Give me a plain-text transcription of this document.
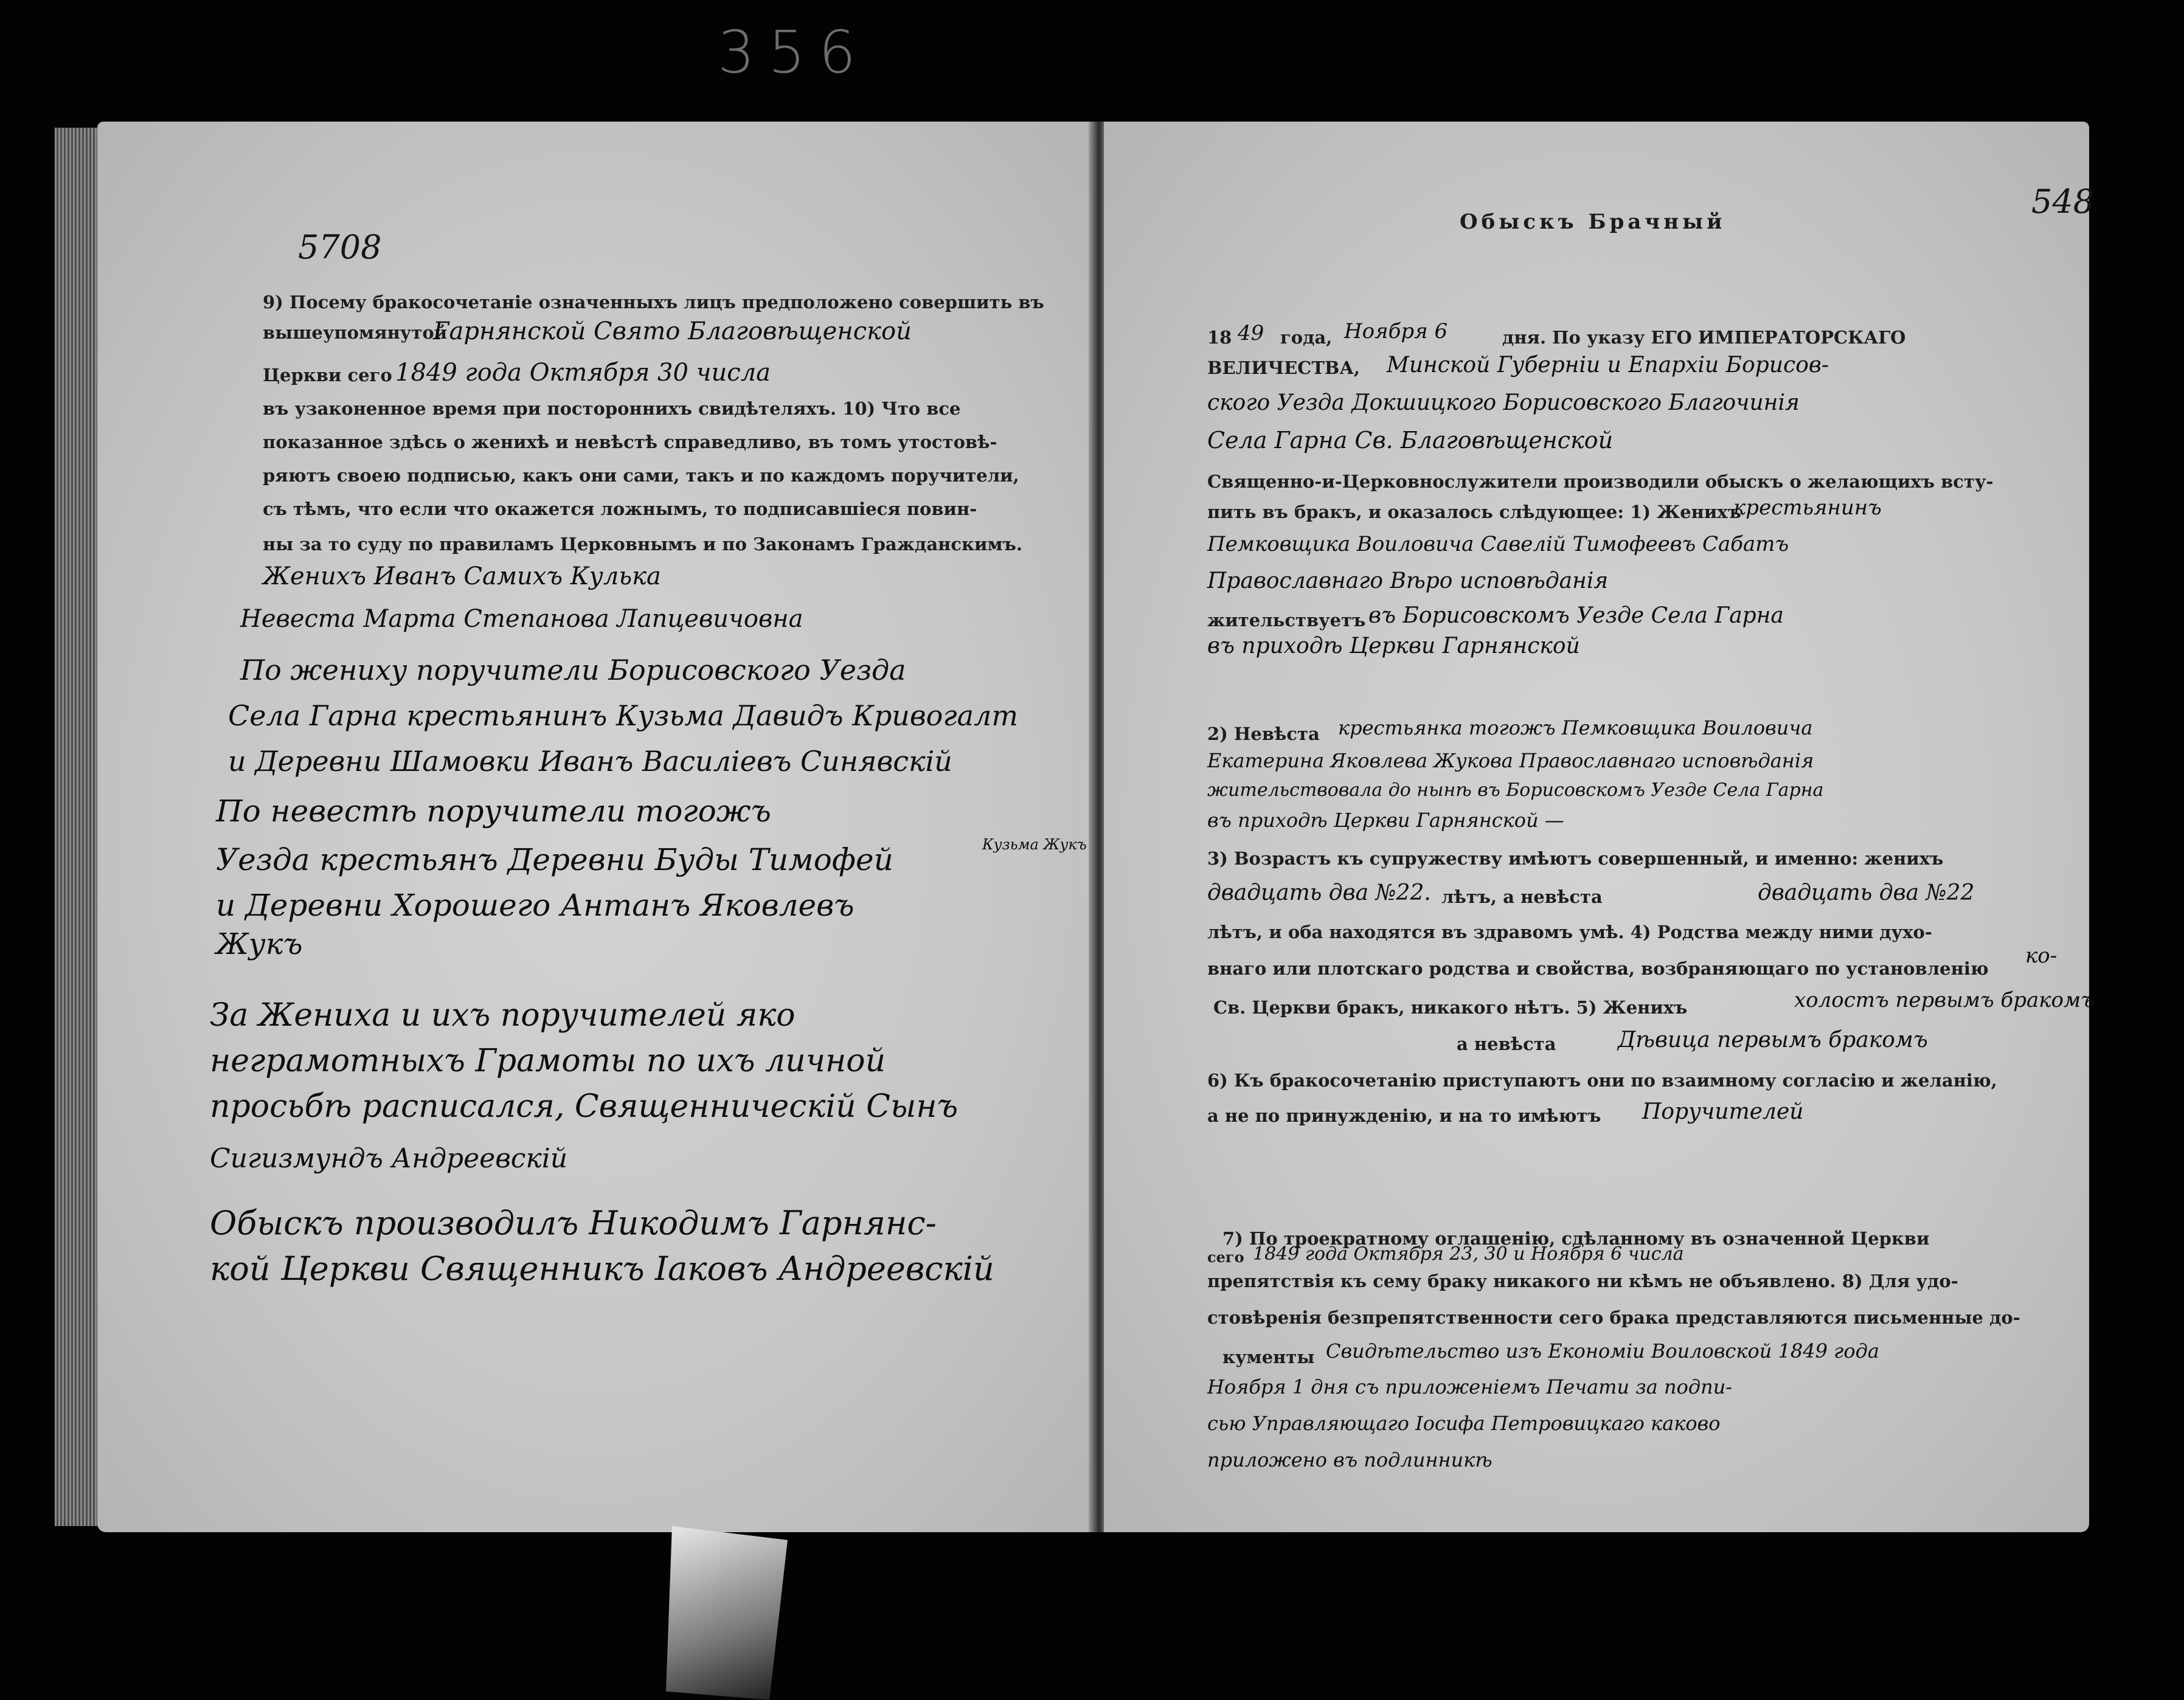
356
5708
9) Посему бракосочетаніе означенныхъ лицъ предположено совершить въ
вышеупомянутой
Церкви сего
въ узаконенное время при постороннихъ свидѣтеляхъ. 10) Что все
показанное здѣсь о женихѣ и невѣстѣ справедливо, въ томъ утостовѣ-
ряютъ своею подписью, какъ они сами, такъ и по каждомъ поручители,
съ тѣмъ, что если что окажется ложнымъ, то подписавшіеся повин-
ны за то суду по правиламъ Церковнымъ и по Законамъ Гражданскимъ.
Гарнянской Свято Благовѣщенской
1849 года Октября 30 числа
Женихъ Иванъ Самихъ Кулька
Невеста Марта Степанова Лапцевичовна
По жениху поручители Борисовского Уезда
Села Гарна крестьянинъ Кузьма Давидъ Кривогалт
и Деревни Шамовки Иванъ Василіевъ Синявскій
По невестѣ поручители тогожъ
Уезда крестьянъ Деревни Буды Тимофей
и Деревни Хорошего Антанъ Яковлевъ
Жукъ
За Жениха и ихъ поручителей яко
неграмотныхъ Грамоты по ихъ личной
просьбѣ расписался, Священническій Сынъ
Сигизмундъ Андреевскій
Обыскъ производилъ Никодимъ Гарнянс-
кой Церкви Священникъ Іаковъ Андреевскій
Кузьма Жукъ
548
Обыскъ Брачный
18	года,	дня. По указу ЕГО ИМПЕРАТОРСКАГО
ВЕЛИЧЕСТВА,
Священно-и-Церковнослужители производили обыскъ о желающихъ всту-
пить въ бракъ, и оказалось слѣдующее: 1) Женихъ
жительствуетъ
2) Невѣста
3) Возрастъ къ супружеству имѣютъ совершенный, и именно: женихъ
лѣтъ, а невѣста
лѣтъ, и оба находятся въ здравомъ умѣ. 4) Родства между ними духо-
внаго или плотскаго родства и свойства, возбраняющаго по установленію
Св. Церкви бракъ, никакого нѣтъ. 5) Женихъ
а невѣста
6) Къ бракосочетанію приступаютъ они по взаимному согласію и желанію,
а не по принужденію, и на то имѣютъ
7) По троекратному оглашенію, сдѣланному въ означенной Церкви
сего
препятствія къ сему браку никакого ни кѣмъ не объявлено. 8) Для удо-
стовѣренія безпрепятственности сего брака представляются письменные до-
кументы
49	Ноября 6
Минской Губерніи и Епархіи Борисов-
ского Уезда Докшицкого Борисовского Благочинія
Села Гарна Св. Благовѣщенской
крестьянинъ
Пемковщика Воиловича Савелій Тимофеевъ Сабатъ
Православнаго Вѣро исповѣданія
въ Борисовскомъ Уезде Села Гарна
въ приходѣ Церкви Гарнянской
крестьянка тогожъ Пемковщика Воиловича
Екатерина Яковлева Жукова Православнаго исповѣданія
жительствовала до нынѣ въ Борисовскомъ Уезде Села Гарна
въ приходѣ Церкви Гарнянской —
двадцать два №22.	двадцать два №22
холостъ первымъ бракомъ
Дѣвица первымъ бракомъ
Поручителей
1849 года Октября 23, 30 и Ноября 6 числа
Свидѣтельство изъ Економіи Воиловской 1849 года
Ноября 1 дня съ приложеніемъ Печати за подпи-
сью Управляющаго Іосифа Петровицкаго каково
приложено въ подлинникѣ
ко-
